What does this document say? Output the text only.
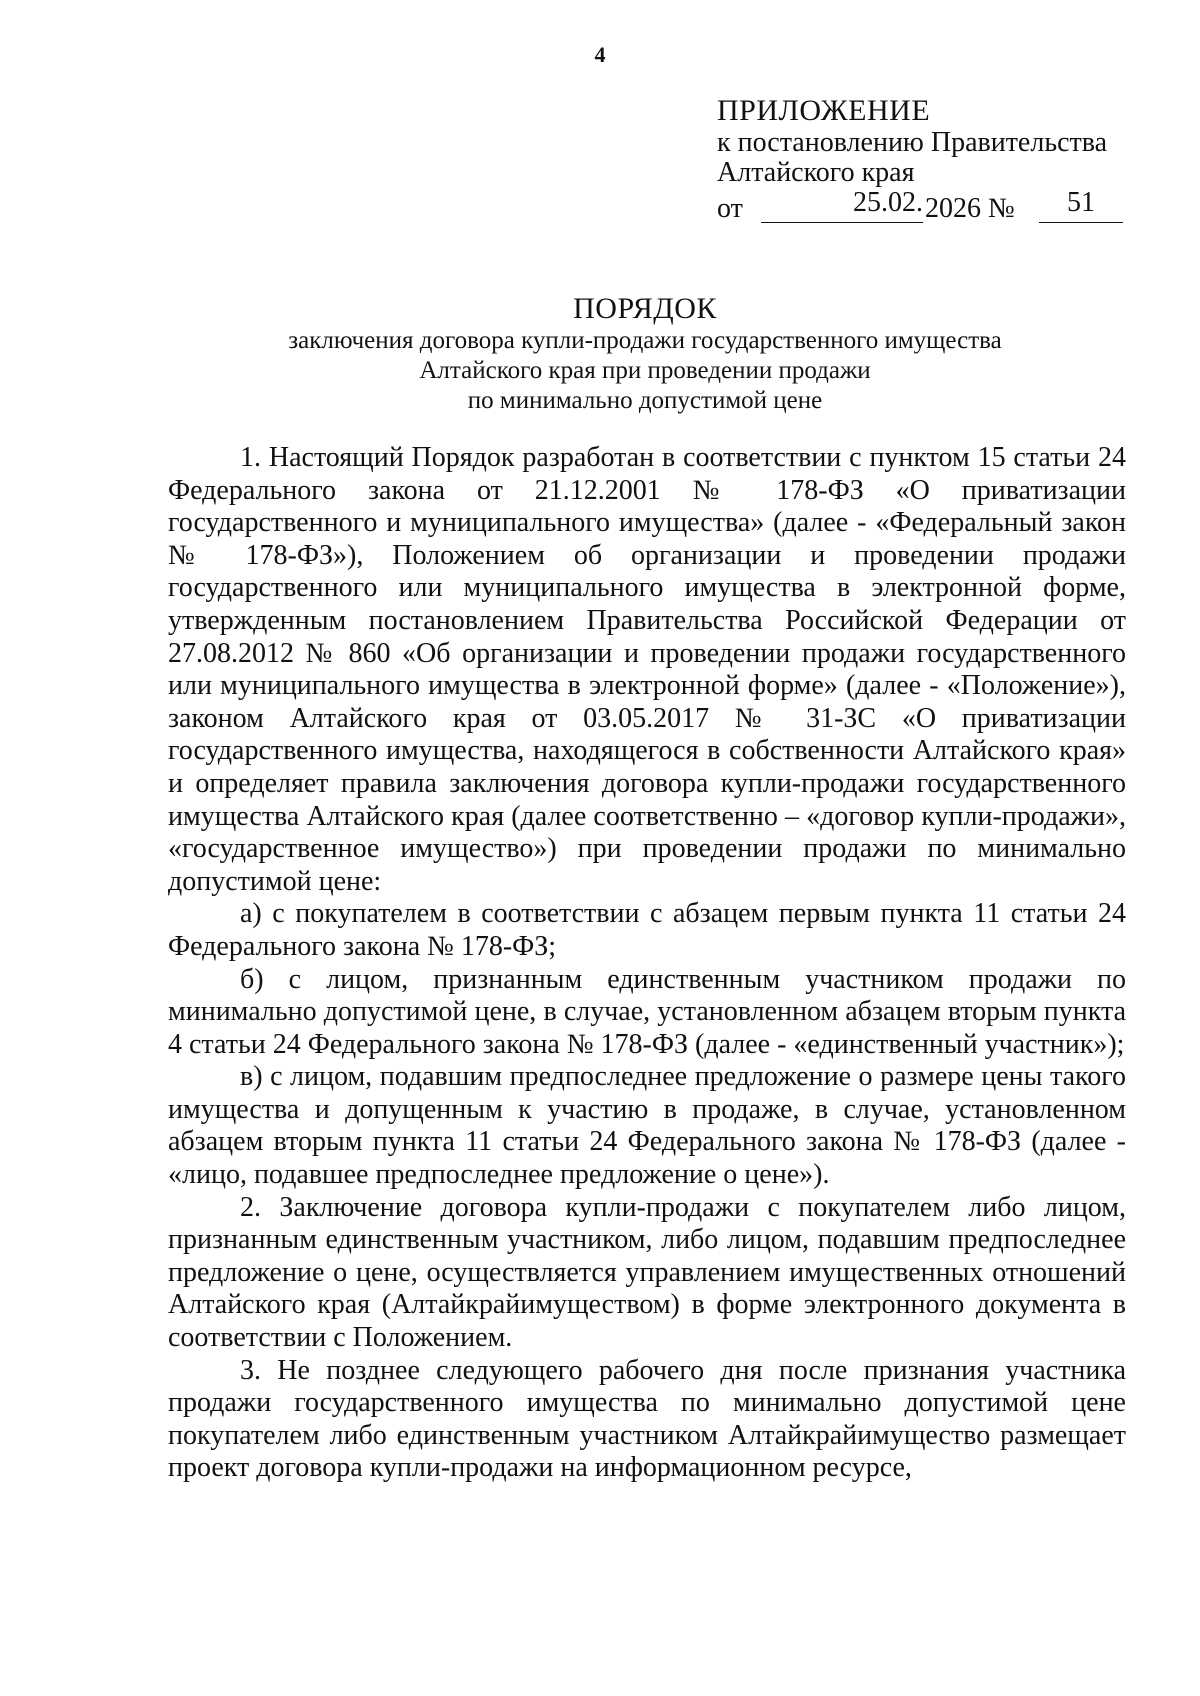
4
ПРИЛОЖЕНИЕ
к постановлению Правительства
Алтайского края
от	25.02. 2026 №	51
ПОРЯДОК
заключения договора купли-продажи государственного имущества
Алтайского края при проведении продажи
по минимально допустимой цене

1. Настоящий Порядок разработан в соответствии с пунктом 15 статьи 24 Федерального закона от 21.12.2001 № 178-ФЗ «О приватизации государственного и муниципального имущества» (далее - «Федеральный закон № 178-ФЗ»), Положением об организации и проведении продажи государственного или муниципального имущества в электронной форме, утвержденным постановлением Правительства Российской Федерации от 27.08.2012 № 860 «Об организации и проведении продажи государственного или муниципального имущества в электронной форме» (далее - «Положение»), законом Алтайского края от 03.05.2017 № 31-ЗС «О приватизации государственного имущества, находящегося в собственности Алтайского края» и определяет правила заключения договора купли-продажи государственного имущества Алтайского края (далее соответственно – «договор купли-продажи», «государственное имущество») при проведении продажи по минимально допустимой цене:

а) с покупателем в соответствии с абзацем первым пункта 11 статьи 24 Федерального закона № 178-ФЗ;

б) с лицом, признанным единственным участником продажи по минимально допустимой цене, в случае, установленном абзацем вторым пункта 4 статьи 24 Федерального закона № 178-ФЗ (далее - «единственный участник»);

в) с лицом, подавшим предпоследнее предложение о размере цены такого имущества и допущенным к участию в продаже, в случае, установленном абзацем вторым пункта 11 статьи 24 Федерального закона № 178-ФЗ (далее - «лицо, подавшее предпоследнее предложение о цене»).

2. Заключение договора купли-продажи с покупателем либо лицом, признанным единственным участником, либо лицом, подавшим предпоследнее предложение о цене, осуществляется управлением имущественных отношений Алтайского края (Алтайкрайимуществом) в форме электронного документа в соответствии с Положением.

3. Не позднее следующего рабочего дня после признания участника продажи государственного имущества по минимально допустимой цене покупателем либо единственным участником Алтайкрайимущество размещает проект договора купли-продажи на информационном ресурсе,
